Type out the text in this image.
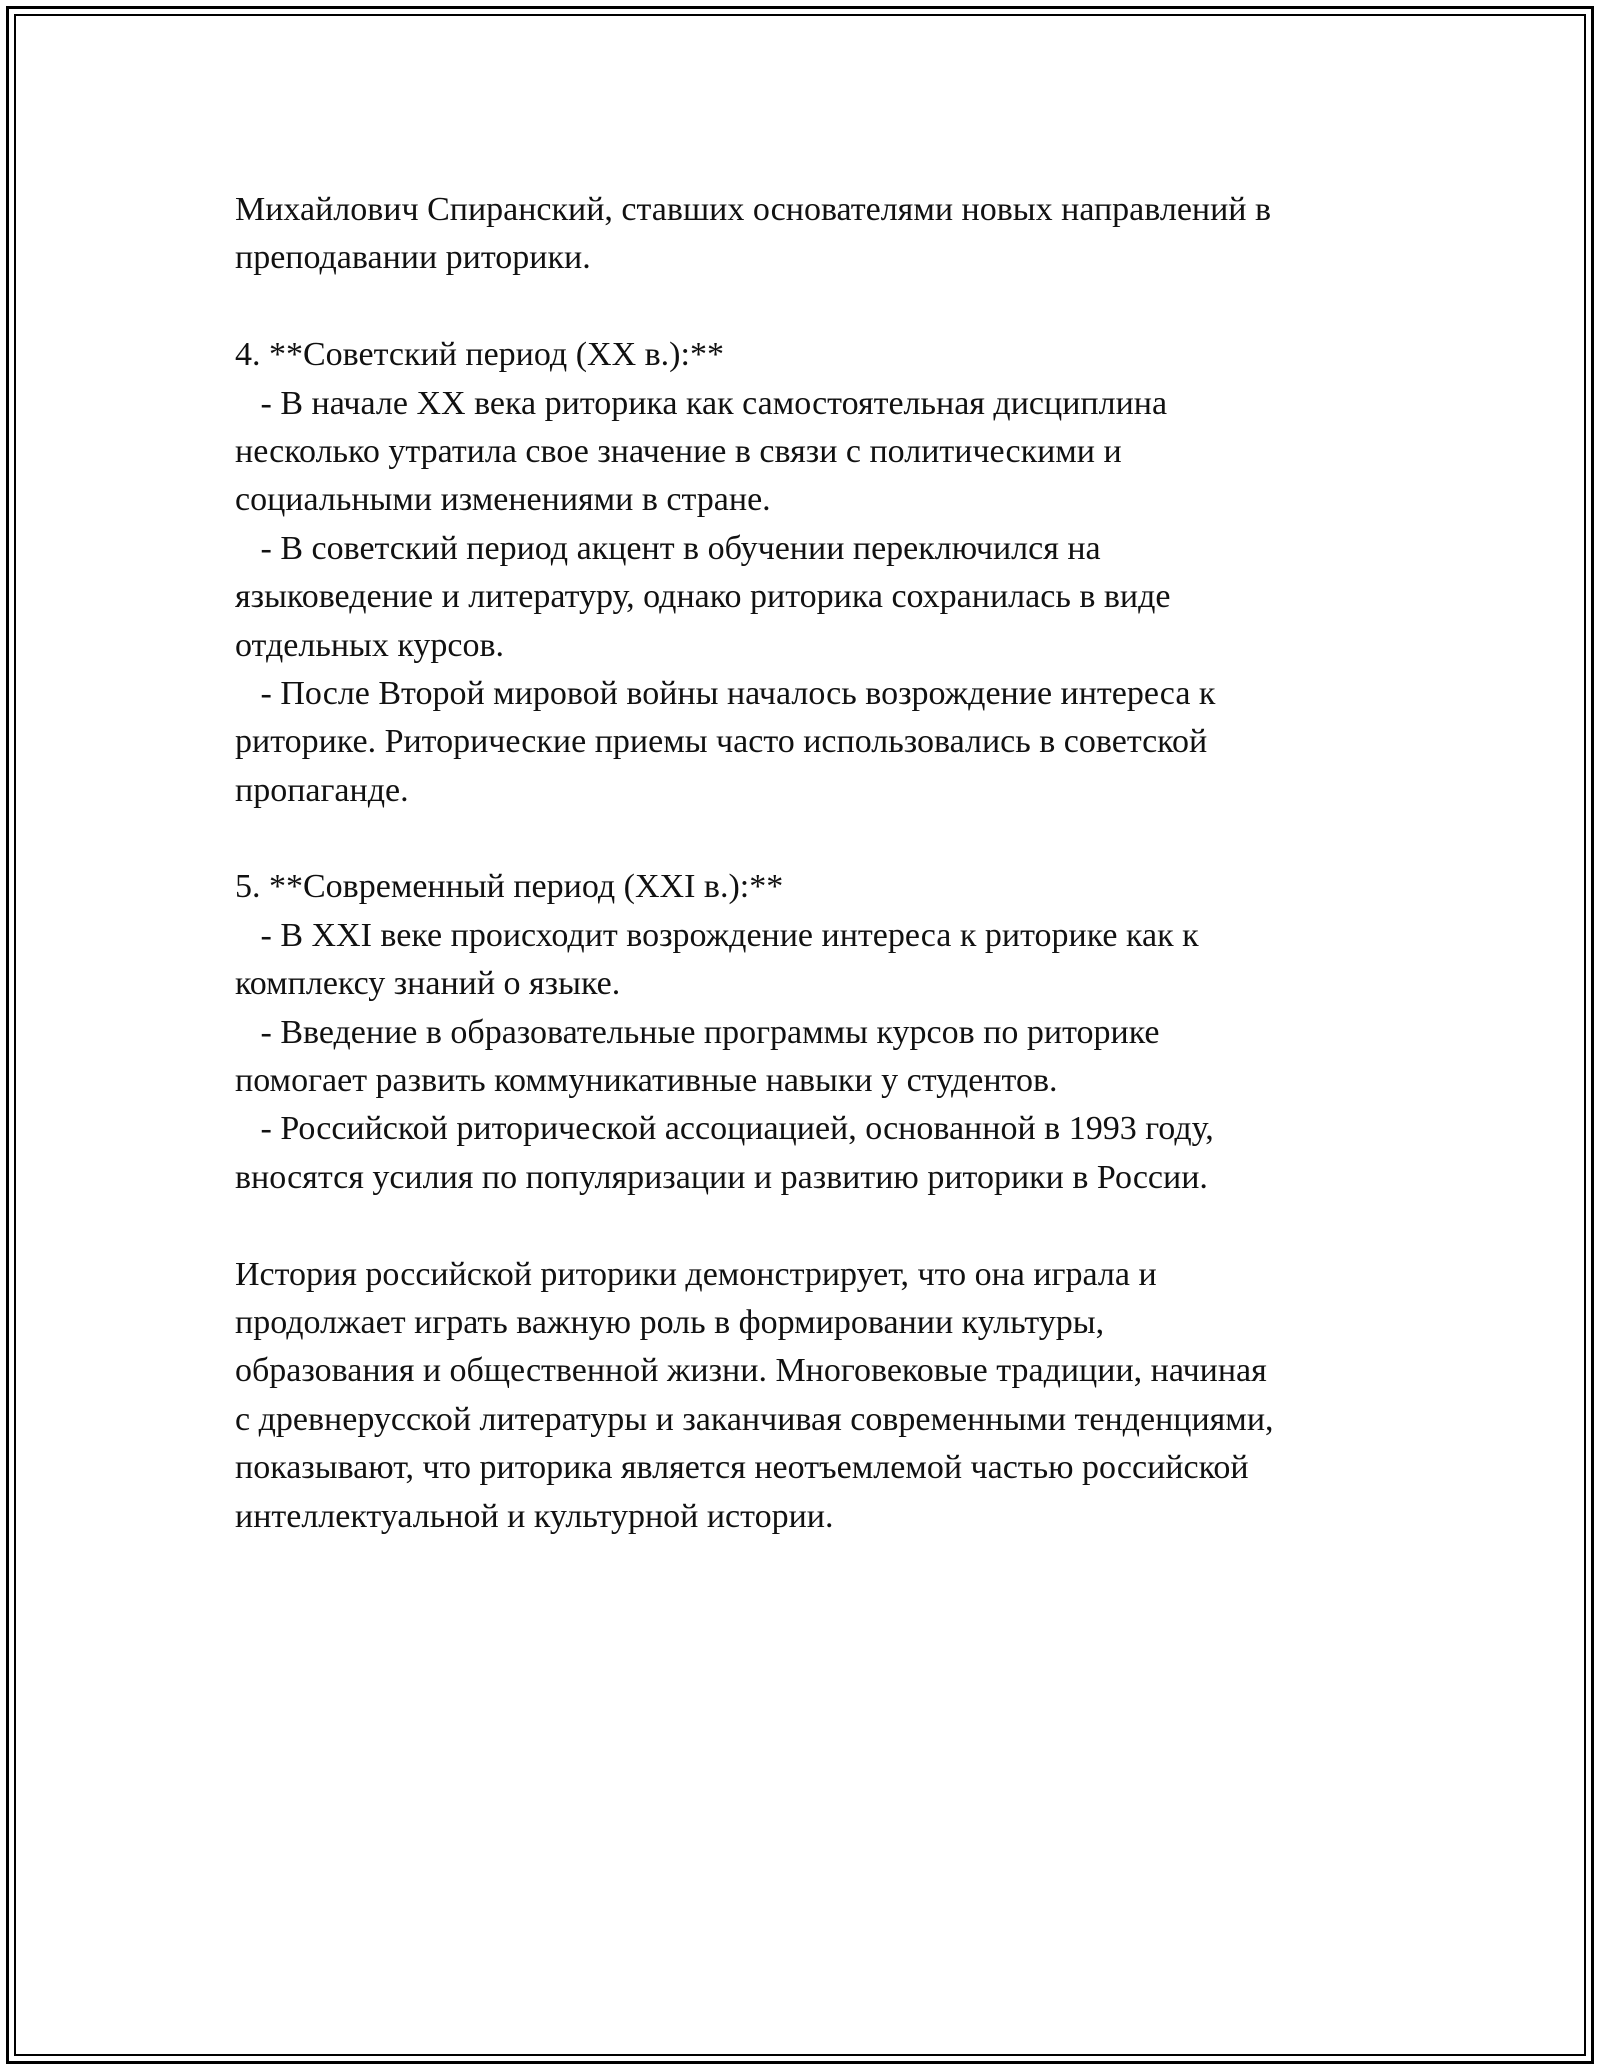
Михайлович Спиранский, ставших основателями новых направлений в
преподавании риторики.
4. **Советский период (XX в.):**
- В начале XX века риторика как самостоятельная дисциплина
несколько утратила свое значение в связи с политическими и
социальными изменениями в стране.
- В советский период акцент в обучении переключился на
языковедение и литературу, однако риторика сохранилась в виде
отдельных курсов.
- После Второй мировой войны началось возрождение интереса к
риторике. Риторические приемы часто использовались в советской
пропаганде.
5. **Современный период (XXI в.):**
- В XXI веке происходит возрождение интереса к риторике как к
комплексу знаний о языке.
- Введение в образовательные программы курсов по риторике
помогает развить коммуникативные навыки у студентов.
- Российской риторической ассоциацией, основанной в 1993 году,
вносятся усилия по популяризации и развитию риторики в России.
История российской риторики демонстрирует, что она играла и
продолжает играть важную роль в формировании культуры,
образования и общественной жизни. Многовековые традиции, начиная
с древнерусской литературы и заканчивая современными тенденциями,
показывают, что риторика является неотъемлемой частью российской
интеллектуальной и культурной истории.
